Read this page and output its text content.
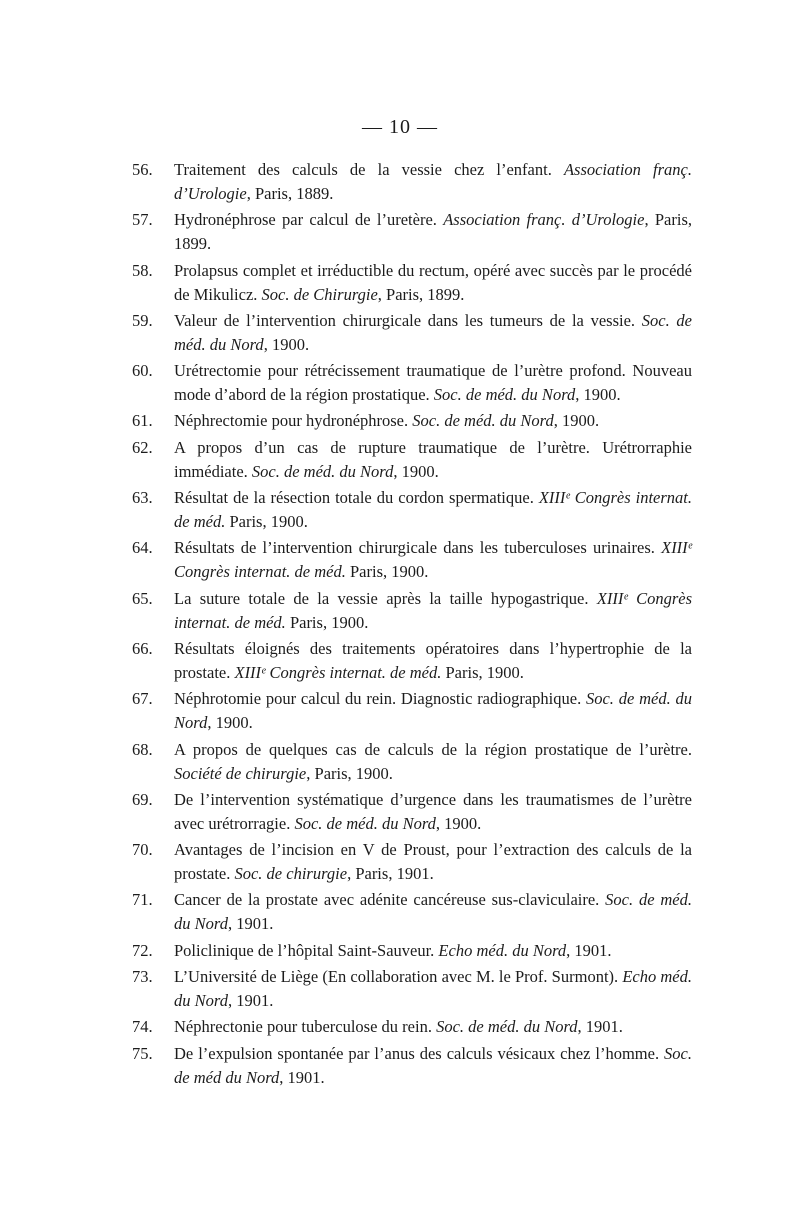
— 10 —
56. Traitement des calculs de la vessie chez l’enfant. Association franç. d’Urologie, Paris, 1889.
57. Hydronéphrose par calcul de l’uretère. Association franç. d’Urologie, Paris, 1899.
58. Prolapsus complet et irréductible du rectum, opéré avec succès par le procédé de Mikulicz. Soc. de Chirurgie, Paris, 1899.
59. Valeur de l’intervention chirurgicale dans les tumeurs de la vessie. Soc. de méd. du Nord, 1900.
60. Urétrectomie pour rétrécissement traumatique de l’urètre profond. Nouveau mode d’abord de la région prostatique. Soc. de méd. du Nord, 1900.
61. Néphrectomie pour hydronéphrose. Soc. de méd. du Nord, 1900.
62. A propos d’un cas de rupture traumatique de l’urètre. Urétrorraphie immédiate. Soc. de méd. du Nord, 1900.
63. Résultat de la résection totale du cordon spermatique. XIIIᵉ Congrès internat. de méd. Paris, 1900.
64. Résultats de l’intervention chirurgicale dans les tuberculoses urinaires. XIIIᵉ Congrès internat. de méd. Paris, 1900.
65. La suture totale de la vessie après la taille hypogastrique. XIIIᵉ Congrès internat. de méd. Paris, 1900.
66. Résultats éloignés des traitements opératoires dans l’hypertrophie de la prostate. XIIIᵉ Congrès internat. de méd. Paris, 1900.
67. Néphrotomie pour calcul du rein. Diagnostic radiographique. Soc. de méd. du Nord, 1900.
68. A propos de quelques cas de calculs de la région prostatique de l’urètre. Société de chirurgie, Paris, 1900.
69. De l’intervention systématique d’urgence dans les traumatismes de l’urètre avec urétrorragie. Soc. de méd. du Nord, 1900.
70. Avantages de l’incision en V de Proust, pour l’extraction des calculs de la prostate. Soc. de chirurgie, Paris, 1901.
71. Cancer de la prostate avec adénite cancéreuse sus-claviculaire. Soc. de méd. du Nord, 1901.
72. Policlinique de l’hôpital Saint-Sauveur. Echo méd. du Nord, 1901.
73. L’Université de Liège (En collaboration avec M. le Prof. Surmont). Echo méd. du Nord, 1901.
74. Néphrectonie pour tuberculose du rein. Soc. de méd. du Nord, 1901.
75. De l’expulsion spontanée par l’anus des calculs vésicaux chez l’homme. Soc. de méd du Nord, 1901.
